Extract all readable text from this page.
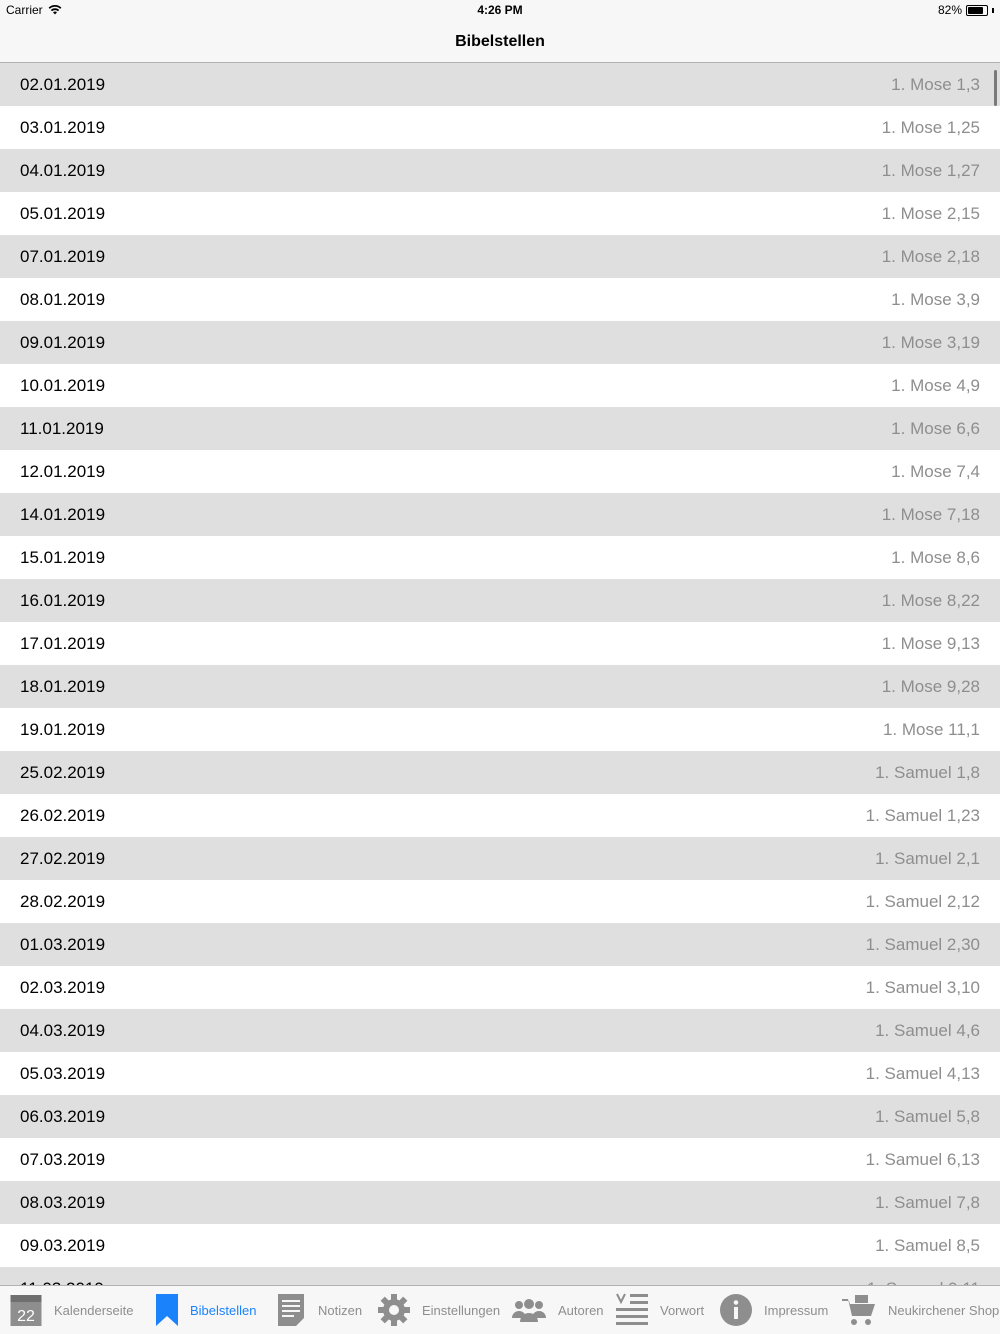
Carrier	4:26 PM	82%
Bibelstellen
02.01.2019	1. Mose 1,3
03.01.2019	1. Mose 1,25
04.01.2019	1. Mose 1,27
05.01.2019	1. Mose 2,15
07.01.2019	1. Mose 2,18
08.01.2019	1. Mose 3,9
09.01.2019	1. Mose 3,19
10.01.2019	1. Mose 4,9
11.01.2019	1. Mose 6,6
12.01.2019	1. Mose 7,4
14.01.2019	1. Mose 7,18
15.01.2019	1. Mose 8,6
16.01.2019	1. Mose 8,22
17.01.2019	1. Mose 9,13
18.01.2019	1. Mose 9,28
19.01.2019	1. Mose 11,1
25.02.2019	1. Samuel 1,8
26.02.2019	1. Samuel 1,23
27.02.2019	1. Samuel 2,1
28.02.2019	1. Samuel 2,12
01.03.2019	1. Samuel 2,30
02.03.2019	1. Samuel 3,10
04.03.2019	1. Samuel 4,6
05.03.2019	1. Samuel 4,13
06.03.2019	1. Samuel 5,8
07.03.2019	1. Samuel 6,13
08.03.2019	1. Samuel 7,8
09.03.2019	1. Samuel 8,5
22 Kalenderseite	Bibelstellen	Notizen	Einstellungen	Autoren	Vorwort	Impressum	Neukirchener Shop
